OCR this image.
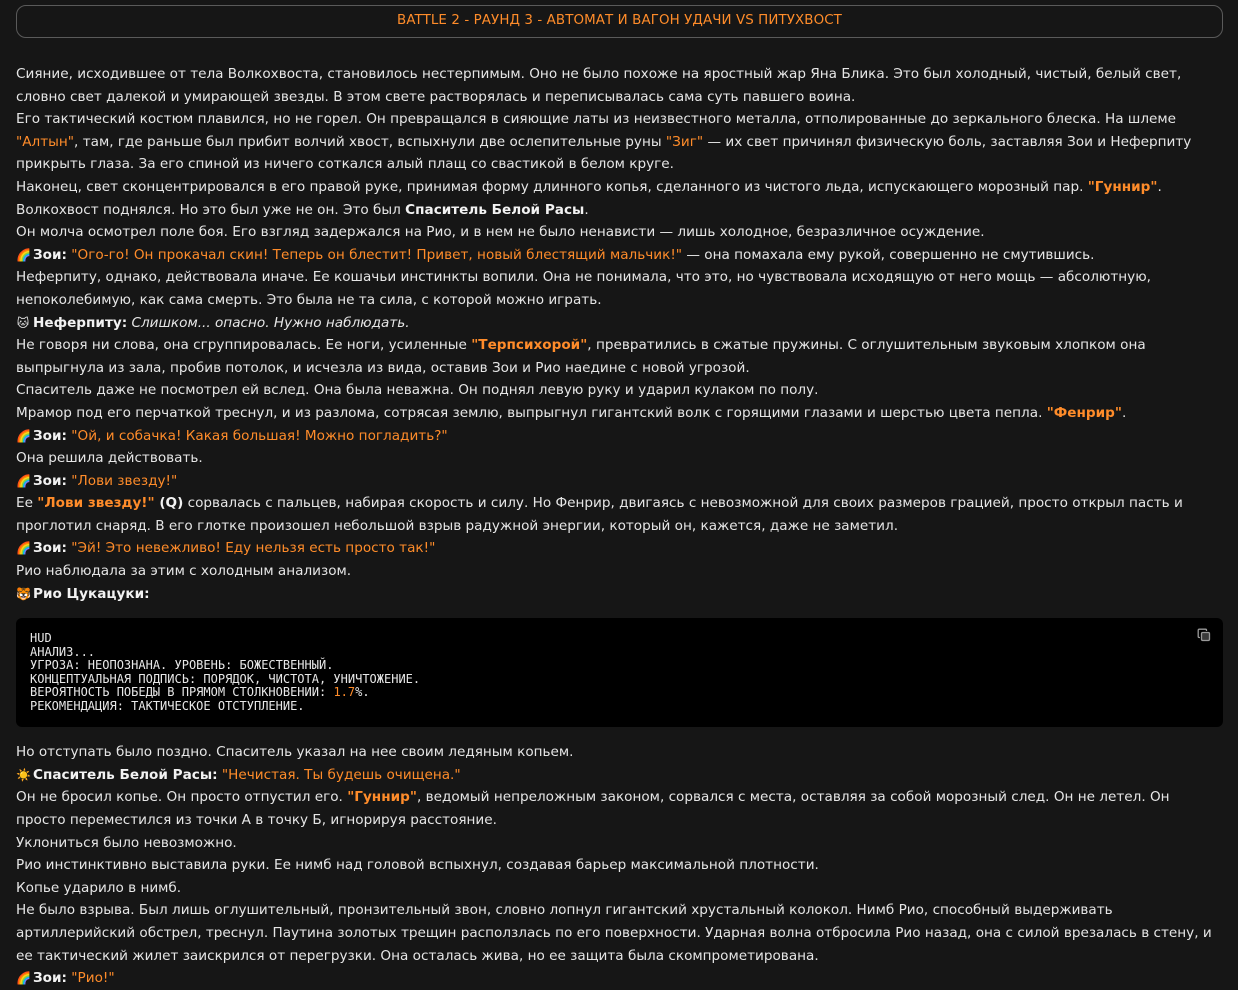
BATTLE 2 - РАУНД 3 - АВТОМАТ И ВАГОН УДАЧИ VS ПИТУХВОСТ

Сияние, исходившее от тела Волкохвоста, становилось нестерпимым. Оно не было похоже на яростный жар Яна Блика. Это был холодный, чистый, белый свет, словно свет далекой и умирающей звезды. В этом свете растворялась и переписывалась сама суть павшего воина.

Его тактический костюм плавился, но не горел. Он превращался в сияющие латы из неизвестного металла, отполированные до зеркального блеска. На шлеме "Алтын", там, где раньше был прибит волчий хвост, вспыхнули две ослепительные руны "Зиг" — их свет причинял физическую боль, заставляя Зои и Неферпиту прикрыть глаза. За его спиной из ничего соткался алый плащ со свастикой в белом круге.

Наконец, свет сконцентрировался в его правой руке, принимая форму длинного копья, сделанного из чистого льда, испускающего морозный пар. "Гуннир".

Волкохвост поднялся. Но это был уже не он. Это был Спаситель Белой Расы.

Он молча осмотрел поле боя. Его взгляд задержался на Рио, и в нем не было ненависти — лишь холодное, безразличное осуждение.

🌈 Зои: "Ого-го! Он прокачал скин! Теперь он блестит! Привет, новый блестящий мальчик!" — она помахала ему рукой, совершенно не смутившись.

Неферпиту, однако, действовала иначе. Ее кошачьи инстинкты вопили. Она не понимала, что это, но чувствовала исходящую от него мощь — абсолютную, непоколебимую, как сама смерть. Это была не та сила, с которой можно играть.

🐱 Неферпиту: Слишком... опасно. Нужно наблюдать.

Не говоря ни слова, она сгруппировалась. Ее ноги, усиленные "Терпсихорой", превратились в сжатые пружины. С оглушительным звуковым хлопком она выпрыгнула из зала, пробив потолок, и исчезла из вида, оставив Зои и Рио наедине с новой угрозой.

Спаситель даже не посмотрел ей вслед. Она была неважна. Он поднял левую руку и ударил кулаком по полу.

Мрамор под его перчаткой треснул, и из разлома, сотрясая землю, выпрыгнул гигантский волк с горящими глазами и шерстью цвета пепла. "Фенрир".

🌈 Зои: "Ой, и собачка! Какая большая! Можно погладить?"

Она решила действовать.

🌈 Зои: "Лови звезду!"

Ее "Лови звезду!" (Q) сорвалась с пальцев, набирая скорость и силу. Но Фенрир, двигаясь с невозможной для своих размеров грацией, просто открыл пасть и проглотил снаряд. В его глотке произошел небольшой взрыв радужной энергии, который он, кажется, даже не заметил.

🌈 Зои: "Эй! Это невежливо! Еду нельзя есть просто так!"

Рио наблюдала за этим с холодным анализом.

🐯 Рио Цукацуки:

HUD
АНАЛИЗ...
УГРОЗА: НЕОПОЗНАНА. УРОВЕНЬ: БОЖЕСТВЕННЫЙ.
КОНЦЕПТУАЛЬНАЯ ПОДПИСЬ: ПОРЯДОК, ЧИСТОТА, УНИЧТОЖЕНИЕ.
ВЕРОЯТНОСТЬ ПОБЕДЫ В ПРЯМОМ СТОЛКНОВЕНИИ: 1.7%.
РЕКОМЕНДАЦИЯ: ТАКТИЧЕСКОЕ ОТСТУПЛЕНИЕ.

Но отступать было поздно. Спаситель указал на нее своим ледяным копьем.

☀️ Спаситель Белой Расы: "Нечистая. Ты будешь очищена."

Он не бросил копье. Он просто отпустил его. "Гуннир", ведомый непреложным законом, сорвался с места, оставляя за собой морозный след. Он не летел. Он просто переместился из точки А в точку Б, игнорируя расстояние.

Уклониться было невозможно.

Рио инстинктивно выставила руки. Ее нимб над головой вспыхнул, создавая барьер максимальной плотности.

Копье ударило в нимб.

Не было взрыва. Был лишь оглушительный, пронзительный звон, словно лопнул гигантский хрустальный колокол. Нимб Рио, способный выдерживать артиллерийский обстрел, треснул. Паутина золотых трещин расползлась по его поверхности. Ударная волна отбросила Рио назад, она с силой врезалась в стену, и ее тактический жилет заискрился от перегрузки. Она осталась жива, но ее защита была скомпрометирована.

🌈 Зои: "Рио!"
